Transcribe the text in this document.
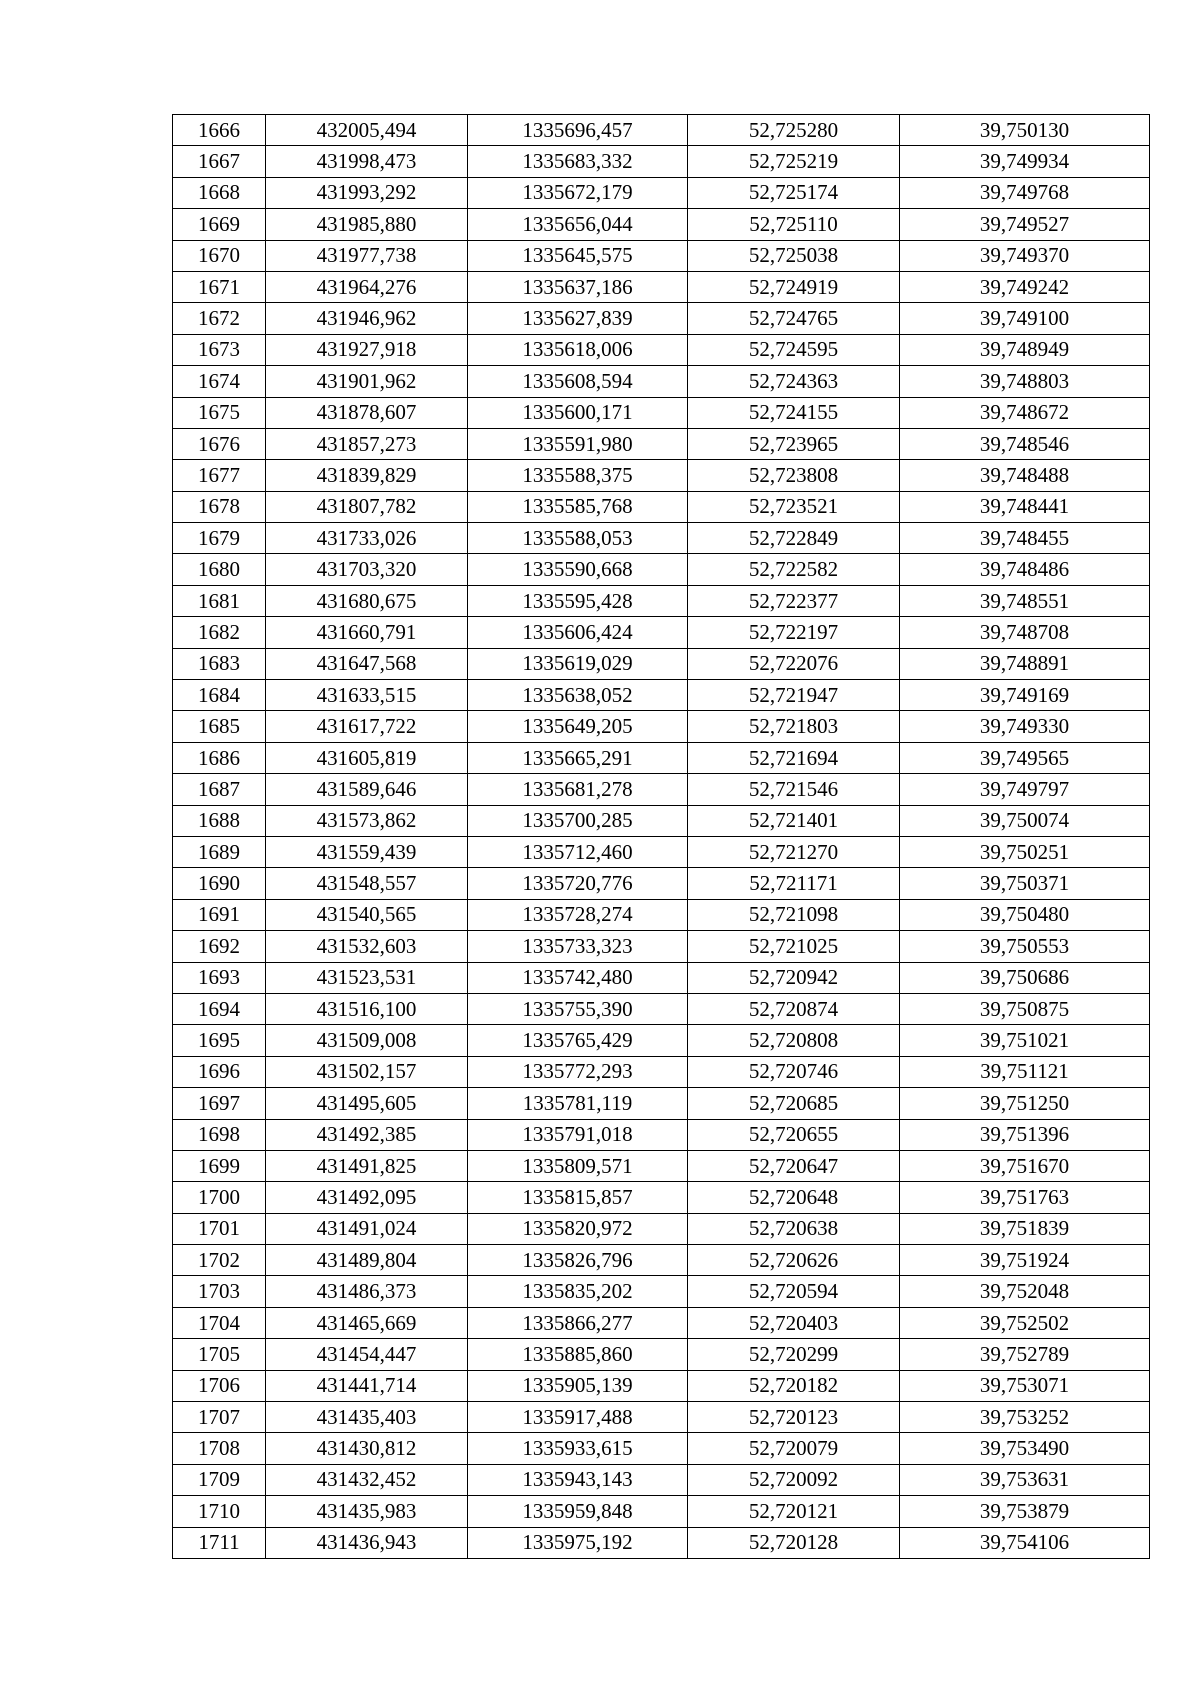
1666	432005,494	1335696,457	52,725280	39,750130
1667	431998,473	1335683,332	52,725219	39,749934
1668	431993,292	1335672,179	52,725174	39,749768
1669	431985,880	1335656,044	52,725110	39,749527
1670	431977,738	1335645,575	52,725038	39,749370
1671	431964,276	1335637,186	52,724919	39,749242
1672	431946,962	1335627,839	52,724765	39,749100
1673	431927,918	1335618,006	52,724595	39,748949
1674	431901,962	1335608,594	52,724363	39,748803
1675	431878,607	1335600,171	52,724155	39,748672
1676	431857,273	1335591,980	52,723965	39,748546
1677	431839,829	1335588,375	52,723808	39,748488
1678	431807,782	1335585,768	52,723521	39,748441
1679	431733,026	1335588,053	52,722849	39,748455
1680	431703,320	1335590,668	52,722582	39,748486
1681	431680,675	1335595,428	52,722377	39,748551
1682	431660,791	1335606,424	52,722197	39,748708
1683	431647,568	1335619,029	52,722076	39,748891
1684	431633,515	1335638,052	52,721947	39,749169
1685	431617,722	1335649,205	52,721803	39,749330
1686	431605,819	1335665,291	52,721694	39,749565
1687	431589,646	1335681,278	52,721546	39,749797
1688	431573,862	1335700,285	52,721401	39,750074
1689	431559,439	1335712,460	52,721270	39,750251
1690	431548,557	1335720,776	52,721171	39,750371
1691	431540,565	1335728,274	52,721098	39,750480
1692	431532,603	1335733,323	52,721025	39,750553
1693	431523,531	1335742,480	52,720942	39,750686
1694	431516,100	1335755,390	52,720874	39,750875
1695	431509,008	1335765,429	52,720808	39,751021
1696	431502,157	1335772,293	52,720746	39,751121
1697	431495,605	1335781,119	52,720685	39,751250
1698	431492,385	1335791,018	52,720655	39,751396
1699	431491,825	1335809,571	52,720647	39,751670
1700	431492,095	1335815,857	52,720648	39,751763
1701	431491,024	1335820,972	52,720638	39,751839
1702	431489,804	1335826,796	52,720626	39,751924
1703	431486,373	1335835,202	52,720594	39,752048
1704	431465,669	1335866,277	52,720403	39,752502
1705	431454,447	1335885,860	52,720299	39,752789
1706	431441,714	1335905,139	52,720182	39,753071
1707	431435,403	1335917,488	52,720123	39,753252
1708	431430,812	1335933,615	52,720079	39,753490
1709	431432,452	1335943,143	52,720092	39,753631
1710	431435,983	1335959,848	52,720121	39,753879
1711	431436,943	1335975,192	52,720128	39,754106
